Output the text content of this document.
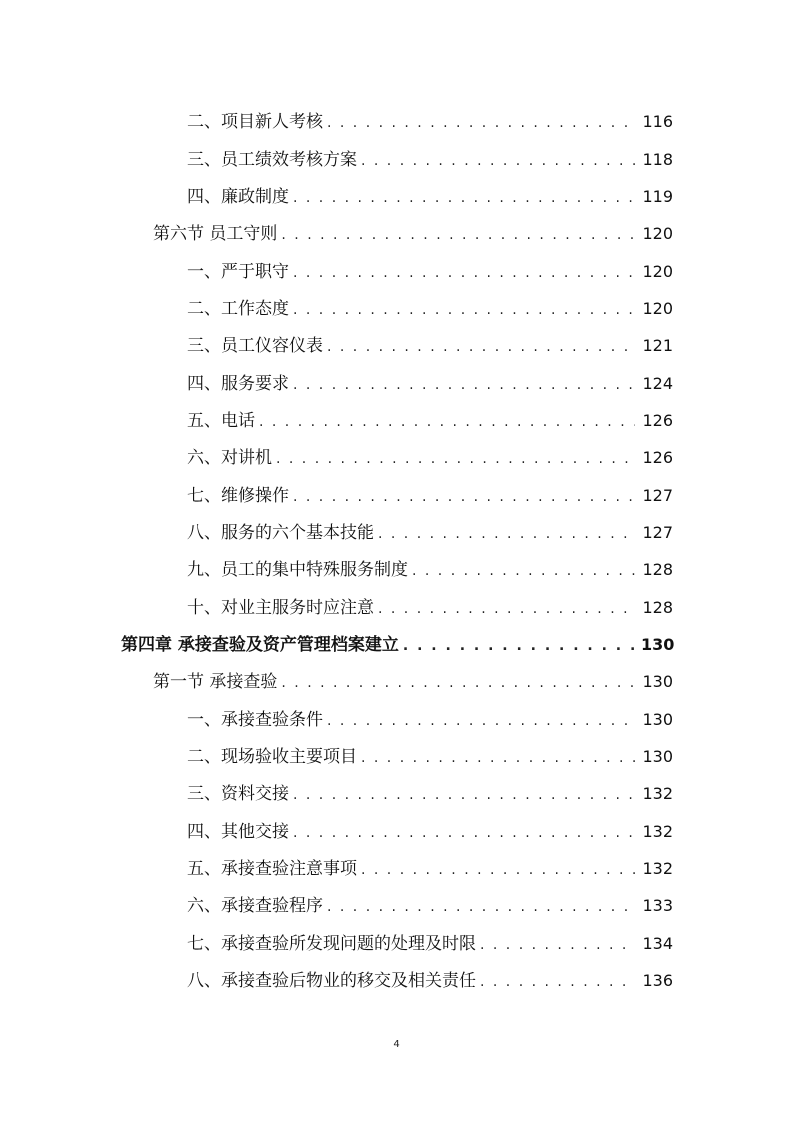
二、项目新人考核 . . .	116
三、员工绩效考核方案 . . .	118
四、廉政制度 . . .	119
第六节 员工守则 . . .	120
一、严于职守 . . .	120
二、工作态度 . . .	120
三、员工仪容仪表 . . .	121
四、服务要求 . . .	124
五、电话 . . .	126
六、对讲机 . . .	126
七、维修操作 . . .	127
八、服务的六个基本技能 . . .	127
九、员工的集中特殊服务制度 . . .	128
十、对业主服务时应注意 . . .	128
第四章 承接查验及资产管理档案建立 . . .	130
第一节 承接查验 . . .	130
一、承接查验条件 . . .	130
二、现场验收主要项目 . . .	130
三、资料交接 . . .	132
四、其他交接 . . .	132
五、承接查验注意事项 . . .	132
六、承接查验程序 . . .	133
七、承接查验所发现问题的处理及时限 . . .	134
八、承接查验后物业的移交及相关责任 . . .	136
4
